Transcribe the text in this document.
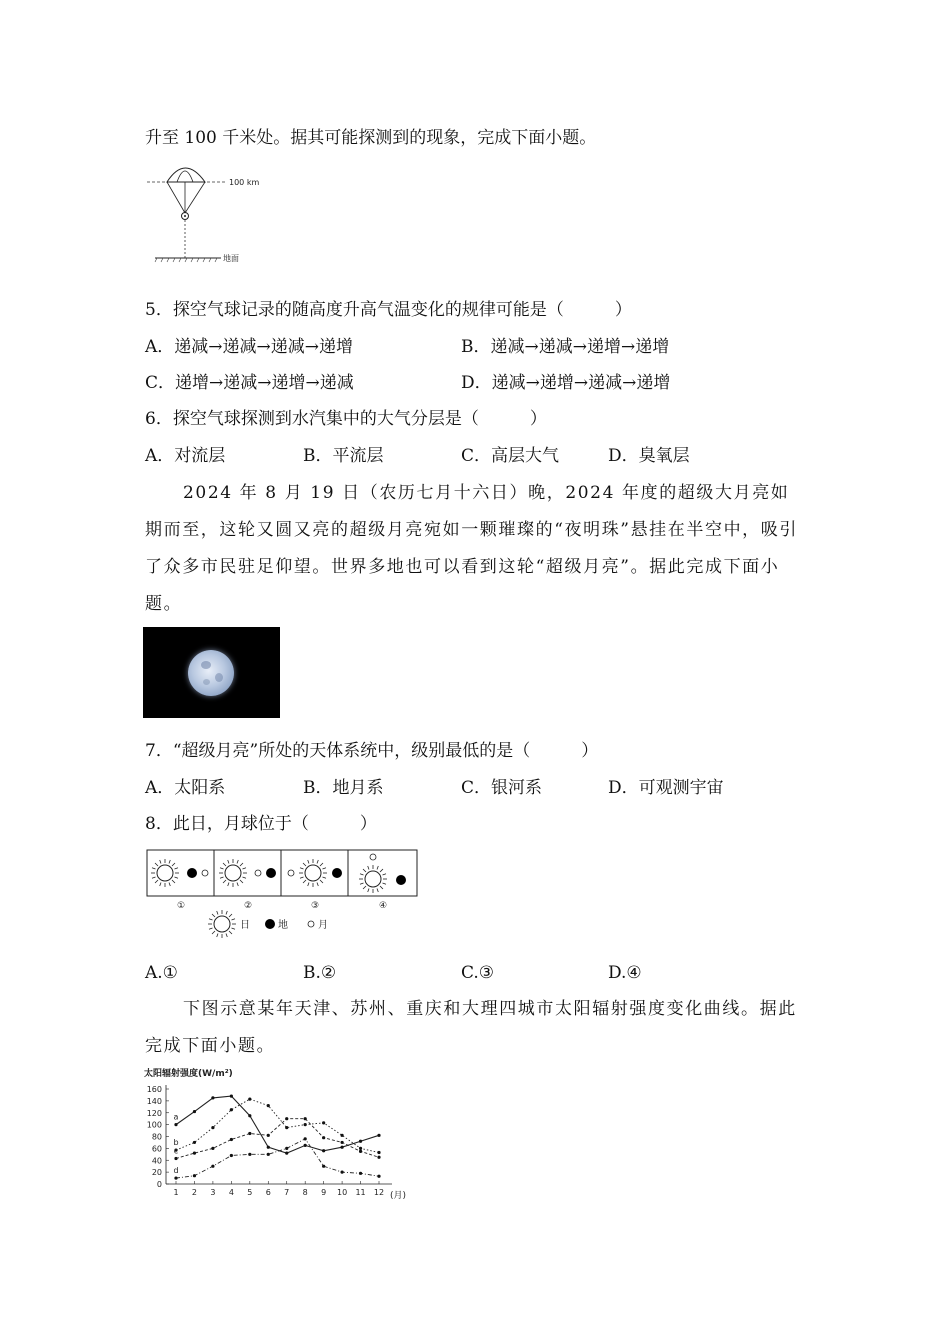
升至 100 千米处。据其可能探测到的现象，完成下面小题。
100 km
地面
5．探空气球记录的随高度升高气温变化的规律可能是（　　　）
A．递减→递减→递减→递增	B．递减→递减→递增→递增
C．递增→递减→递增→递减	D．递减→递增→递减→递增
6．探空气球探测到水汽集中的大气分层是（　　　）
A．对流层	B．平流层	C．高层大气	D．臭氧层
2024 年 8 月 19 日（农历七月十六日）晚，2024 年度的超级大月亮如期而至，这轮又圆又亮的超级月亮宛如一颗璀璨的“夜明珠”悬挂在半空中，吸引了众多市民驻足仰望。世界多地也可以看到这轮“超级月亮”。据此完成下面小题。
7．“超级月亮”所处的天体系统中，级别最低的是（　　　）
A．太阳系	B．地月系	C．银河系	D．可观测宇宙
8．此日，月球位于（　　　）
①	②	③	④
日	地	月
A.①	B.②	C.③	D.④
下图示意某年天津、苏州、重庆和大理四城市太阳辐射强度变化曲线。据此完成下面小题。
太阳辐射强度(W/m²)
0
20
40
60
80
100
120
140
160
1 2 3 4 5 6 7 8 9 10 11 12
a
b
c
d
(月)
